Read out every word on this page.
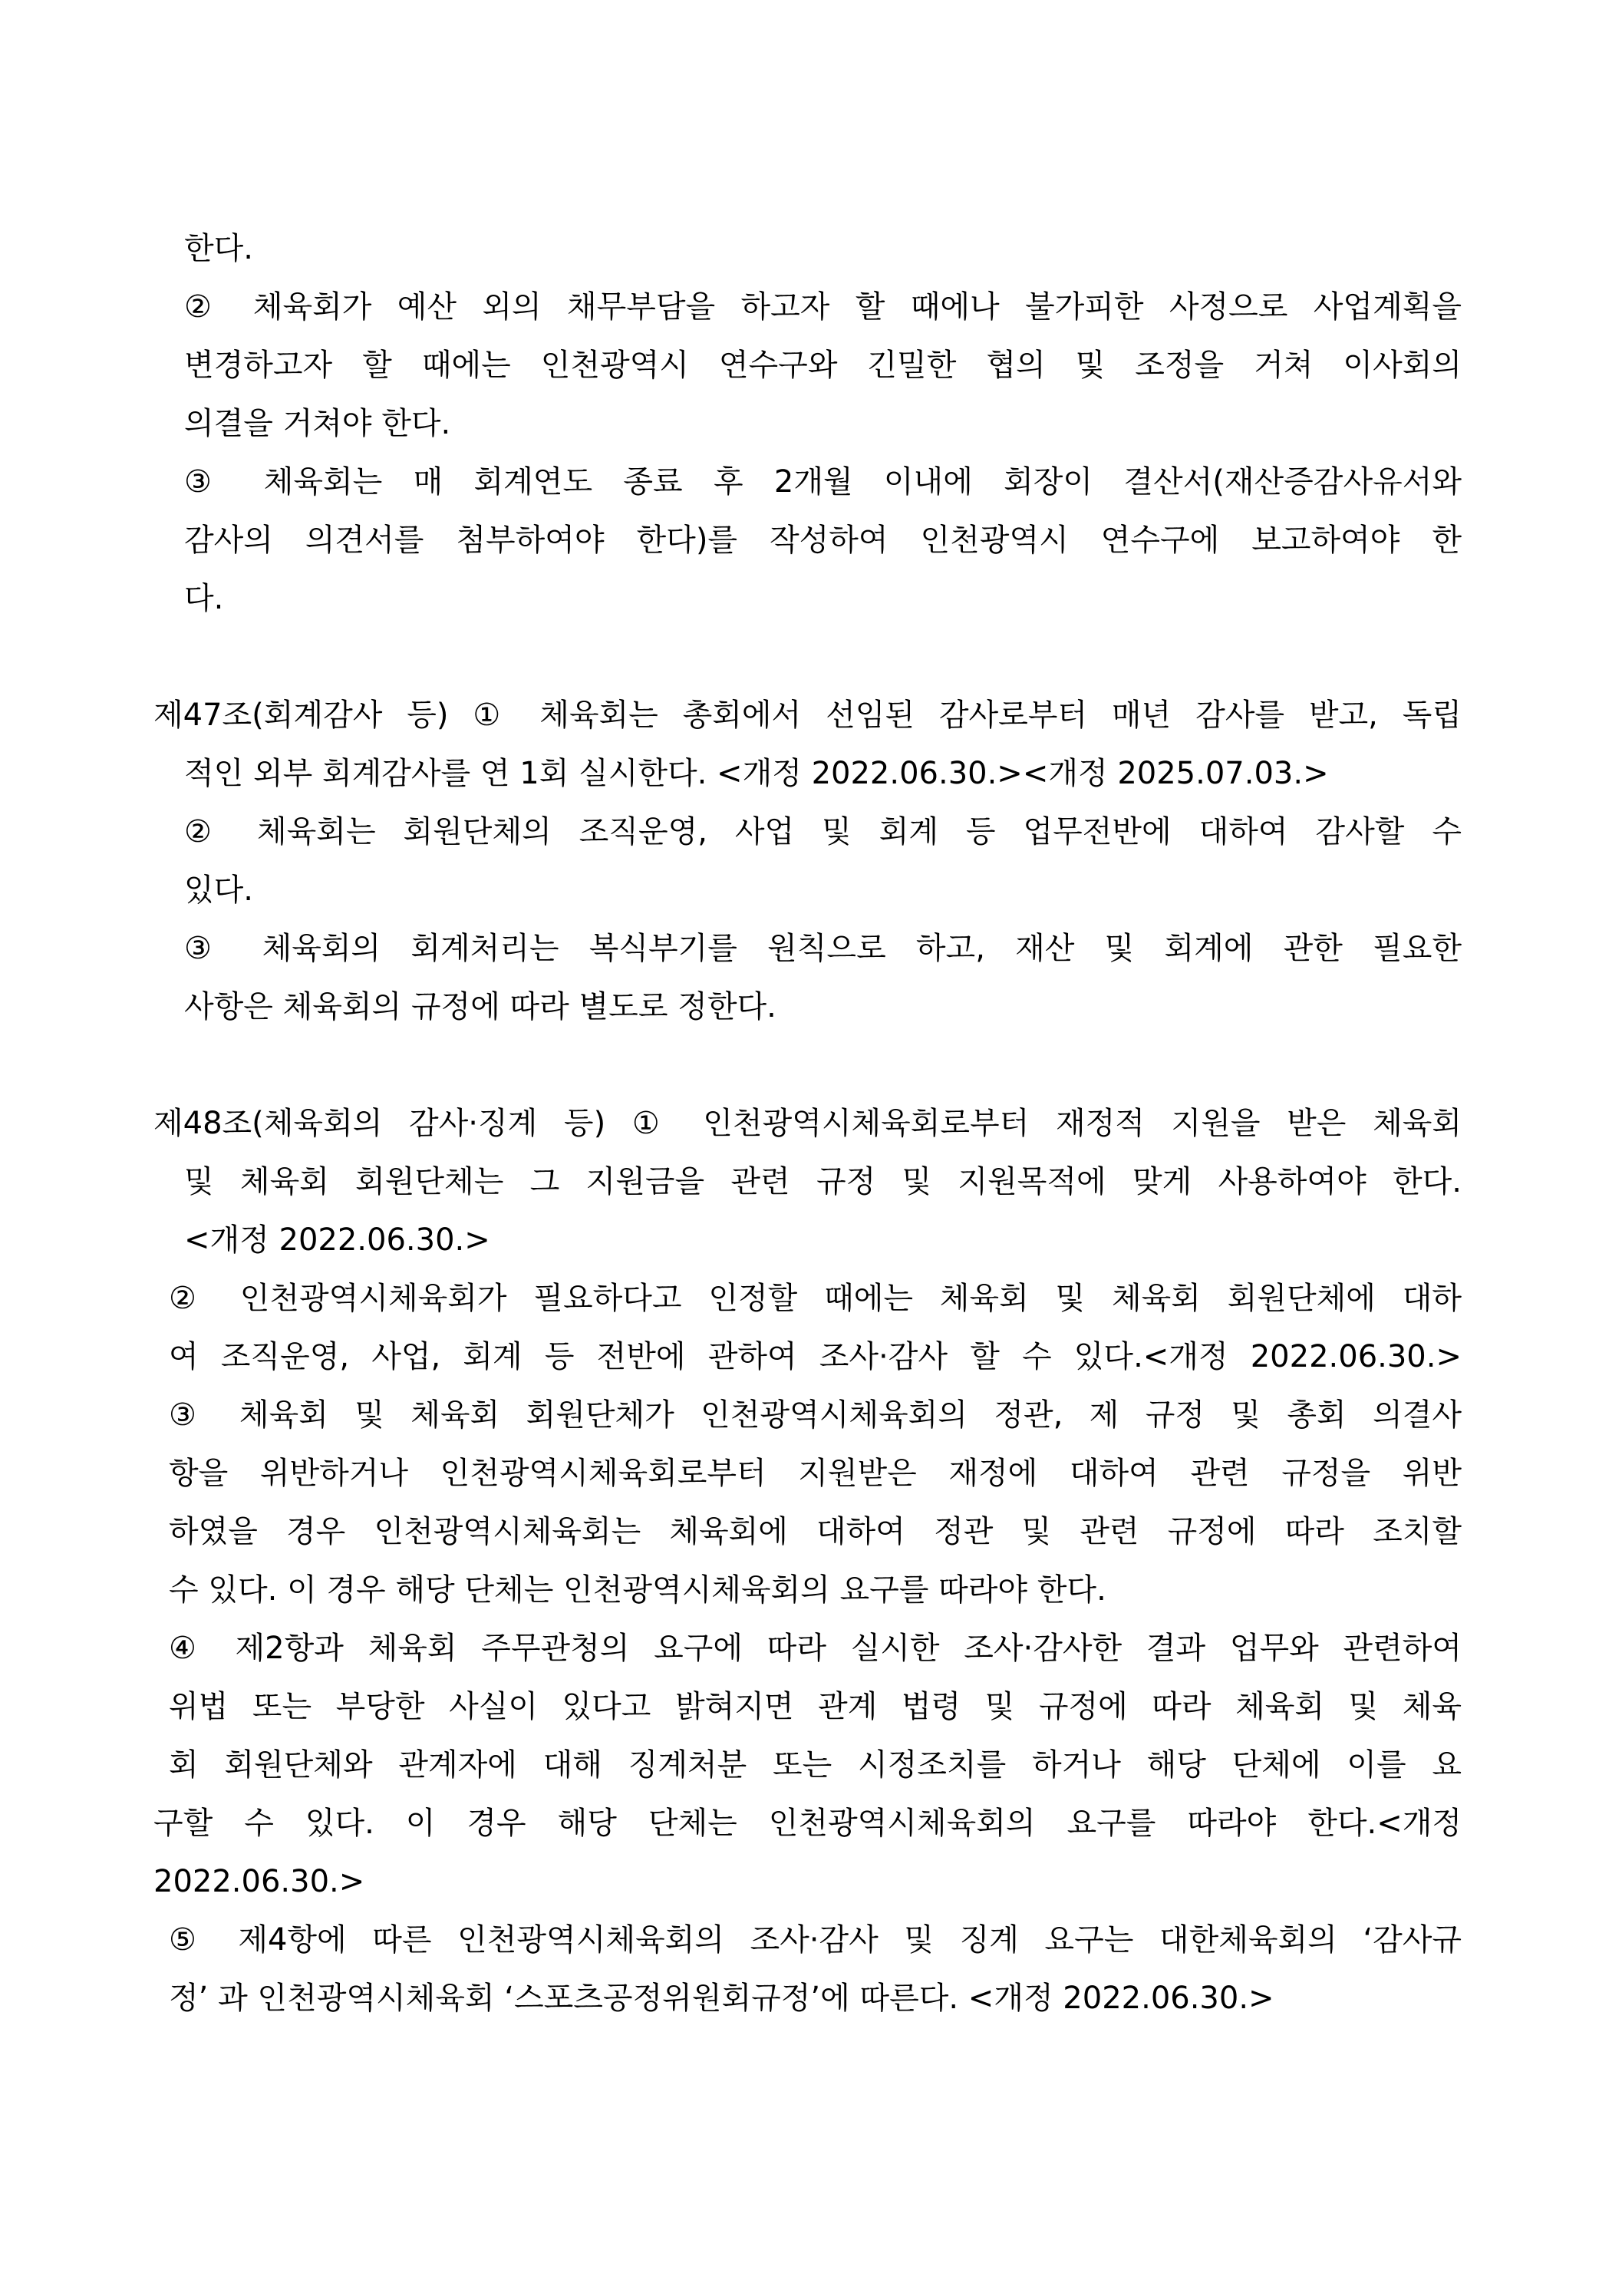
한다.
② 체육회가 예산 외의 채무부담을 하고자 할 때에나 불가피한 사정으로 사업계획을
변경하고자 할 때에는 인천광역시 연수구와 긴밀한 협의 및 조정을 거쳐 이사회의
의결을 거쳐야 한다.
③ 체육회는 매 회계연도 종료 후 2개월 이내에 회장이 결산서(재산증감사유서와
감사의 의견서를 첨부하여야 한다)를 작성하여 인천광역시 연수구에 보고하여야 한
다.
제47조(회계감사 등) ① 체육회는 총회에서 선임된 감사로부터 매년 감사를 받고, 독립
적인 외부 회계감사를 연 1회 실시한다. <개정 2022.06.30.><개정 2025.07.03.>
② 체육회는 회원단체의 조직운영, 사업 및 회계 등 업무전반에 대하여 감사할 수
있다.
③ 체육회의 회계처리는 복식부기를 원칙으로 하고, 재산 및 회계에 관한 필요한
사항은 체육회의 규정에 따라 별도로 정한다.
제48조(체육회의 감사·징계 등) ① 인천광역시체육회로부터 재정적 지원을 받은 체육회
및 체육회 회원단체는 그 지원금을 관련 규정 및 지원목적에 맞게 사용하여야 한다.
<개정 2022.06.30.>
② 인천광역시체육회가 필요하다고 인정할 때에는 체육회 및 체육회 회원단체에 대하
여 조직운영, 사업, 회계 등 전반에 관하여 조사·감사 할 수 있다.<개정 2022.06.30.>
③ 체육회 및 체육회 회원단체가 인천광역시체육회의 정관, 제 규정 및 총회 의결사
항을 위반하거나 인천광역시체육회로부터 지원받은 재정에 대하여 관련 규정을 위반
하였을 경우 인천광역시체육회는 체육회에 대하여 정관 및 관련 규정에 따라 조치할
수 있다. 이 경우 해당 단체는 인천광역시체육회의 요구를 따라야 한다.
④ 제2항과 체육회 주무관청의 요구에 따라 실시한 조사·감사한 결과 업무와 관련하여
위법 또는 부당한 사실이 있다고 밝혀지면 관계 법령 및 규정에 따라 체육회 및 체육
회 회원단체와 관계자에 대해 징계처분 또는 시정조치를 하거나 해당 단체에 이를 요
구할 수 있다. 이 경우 해당 단체는 인천광역시체육회의 요구를 따라야 한다.<개정
2022.06.30.>
⑤ 제4항에 따른 인천광역시체육회의 조사·감사 및 징계 요구는 대한체육회의 ‘감사규
정’ 과 인천광역시체육회 ‘스포츠공정위원회규정’에 따른다. <개정 2022.06.30.>
